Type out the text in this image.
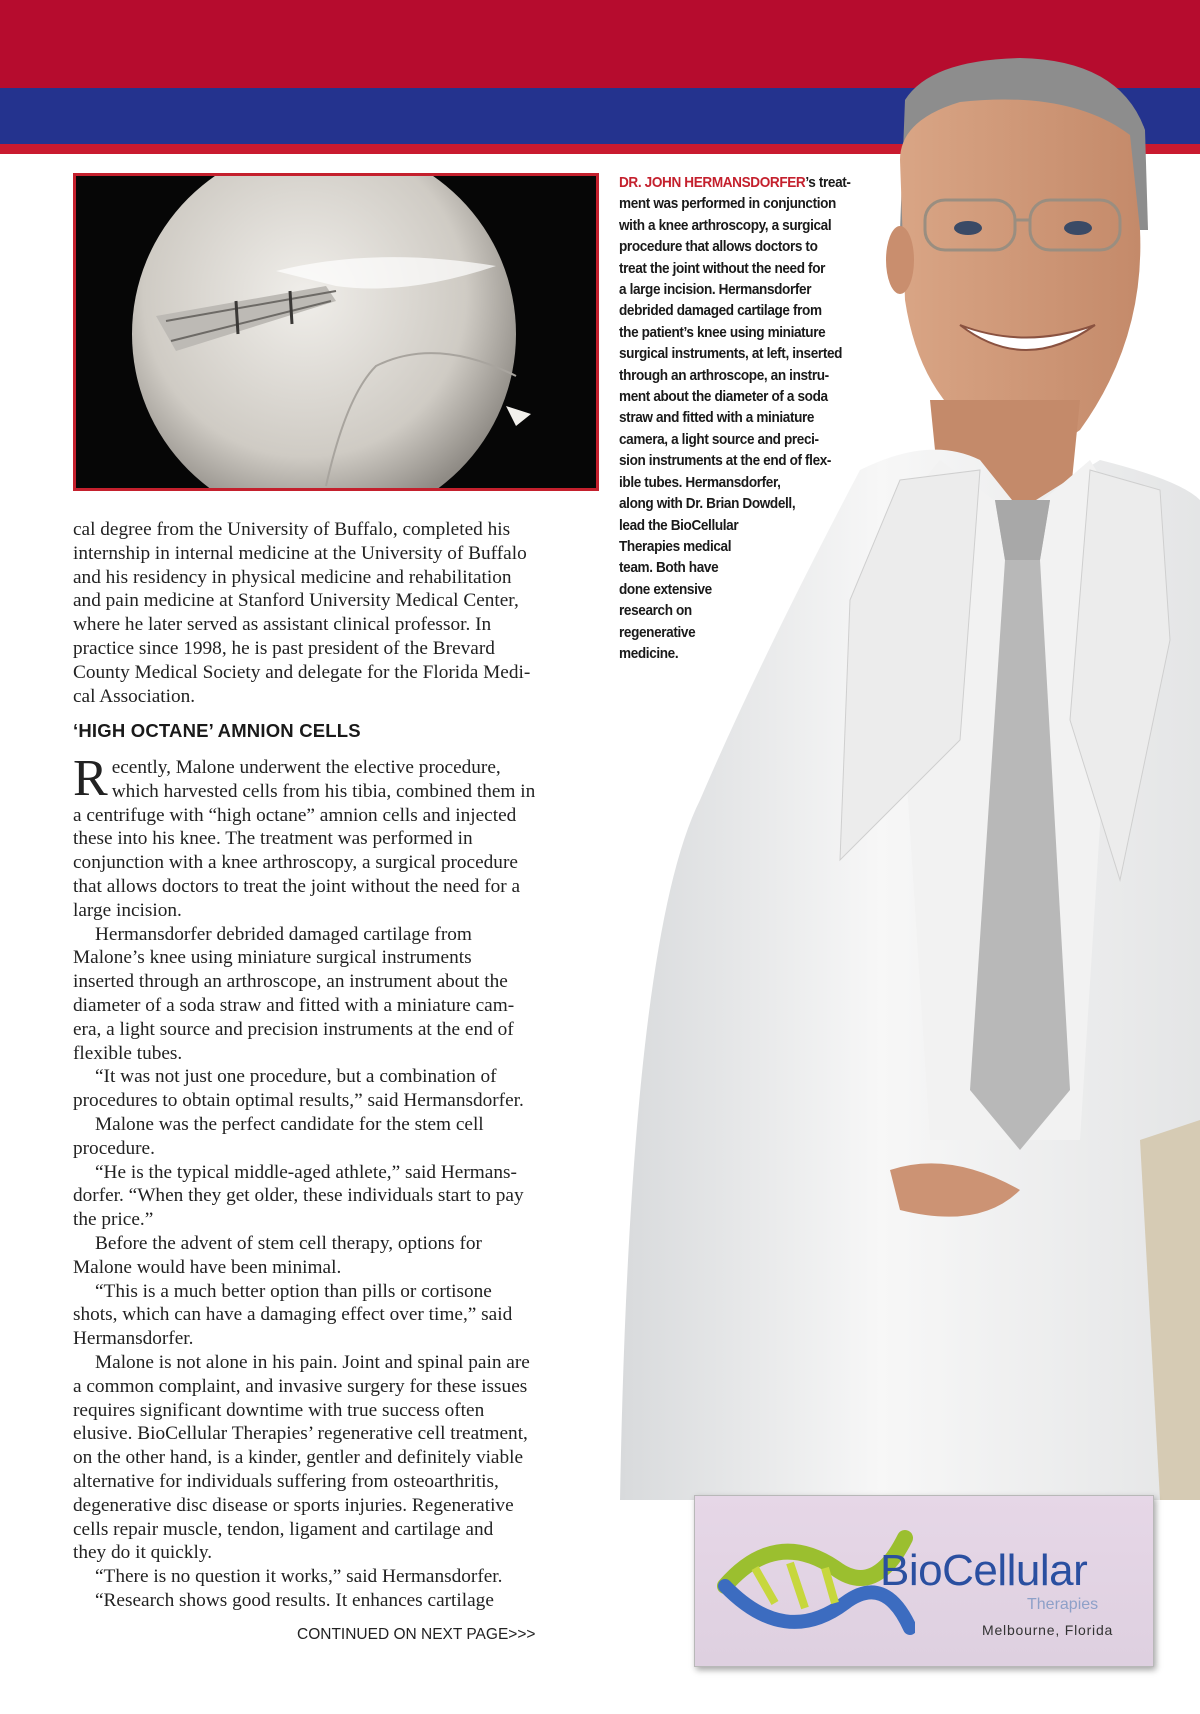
DR. JOHN HERMANSDORFER’s treat-
ment was performed in conjunction
with a knee arthroscopy, a surgical
procedure that allows doctors to
treat the joint without the need for
a large incision. Hermansdorfer
debrided damaged cartilage from
the patient’s knee using miniature
surgical instruments, at left, inserted
through an arthroscope, an instru-
ment about the diameter of a soda
straw and fitted with a miniature
camera, a light source and preci-
sion instruments at the end of flex-
ible tubes. Hermansdorfer,
along with Dr. Brian Dowdell,
lead the BioCellular
Therapies medical
team. Both have
done extensive
research on
regenerative
medicine.

cal degree from the University of Buffalo, completed his
internship in internal medicine at the University of Buffalo
and his residency in physical medicine and rehabilitation
and pain medicine at Stanford University Medical Center,
where he later served as assistant clinical professor. In
practice since 1998, he is past president of the Brevard
County Medical Society and delegate for the Florida Medi-
cal Association.

‘HIGH OCTANE’ AMNION CELLS

R ecently, Malone underwent the elective procedure,
which harvested cells from his tibia, combined them in
a centrifuge with “high octane” amnion cells and injected
these into his knee. The treatment was performed in
conjunction with a knee arthroscopy, a surgical procedure
that allows doctors to treat the joint without the need for a
large incision.

Hermansdorfer debrided damaged cartilage from
Malone’s knee using miniature surgical instruments
inserted through an arthroscope, an instrument about the
diameter of a soda straw and fitted with a miniature cam-
era, a light source and precision instruments at the end of
flexible tubes.

“It was not just one procedure, but a combination of
procedures to obtain optimal results,” said Hermansdorfer.

Malone was the perfect candidate for the stem cell
procedure.

“He is the typical middle-aged athlete,” said Hermans-
dorfer. “When they get older, these individuals start to pay
the price.”

Before the advent of stem cell therapy, options for
Malone would have been minimal.

“This is a much better option than pills or cortisone
shots, which can have a damaging effect over time,” said
Hermansdorfer.

Malone is not alone in his pain. Joint and spinal pain are
a common complaint, and invasive surgery for these issues
requires significant downtime with true success often
elusive. BioCellular Therapies’ regenerative cell treatment,
on the other hand, is a kinder, gentler and definitely viable
alternative for individuals suffering from osteoarthritis,
degenerative disc disease or sports injuries. Regenerative
cells repair muscle, tendon, ligament and cartilage and
they do it quickly.

“There is no question it works,” said Hermansdorfer.

“Research shows good results. It enhances cartilage

CONTINUED ON NEXT PAGE>>>
BioCellular
Therapies
Melbourne, Florida
